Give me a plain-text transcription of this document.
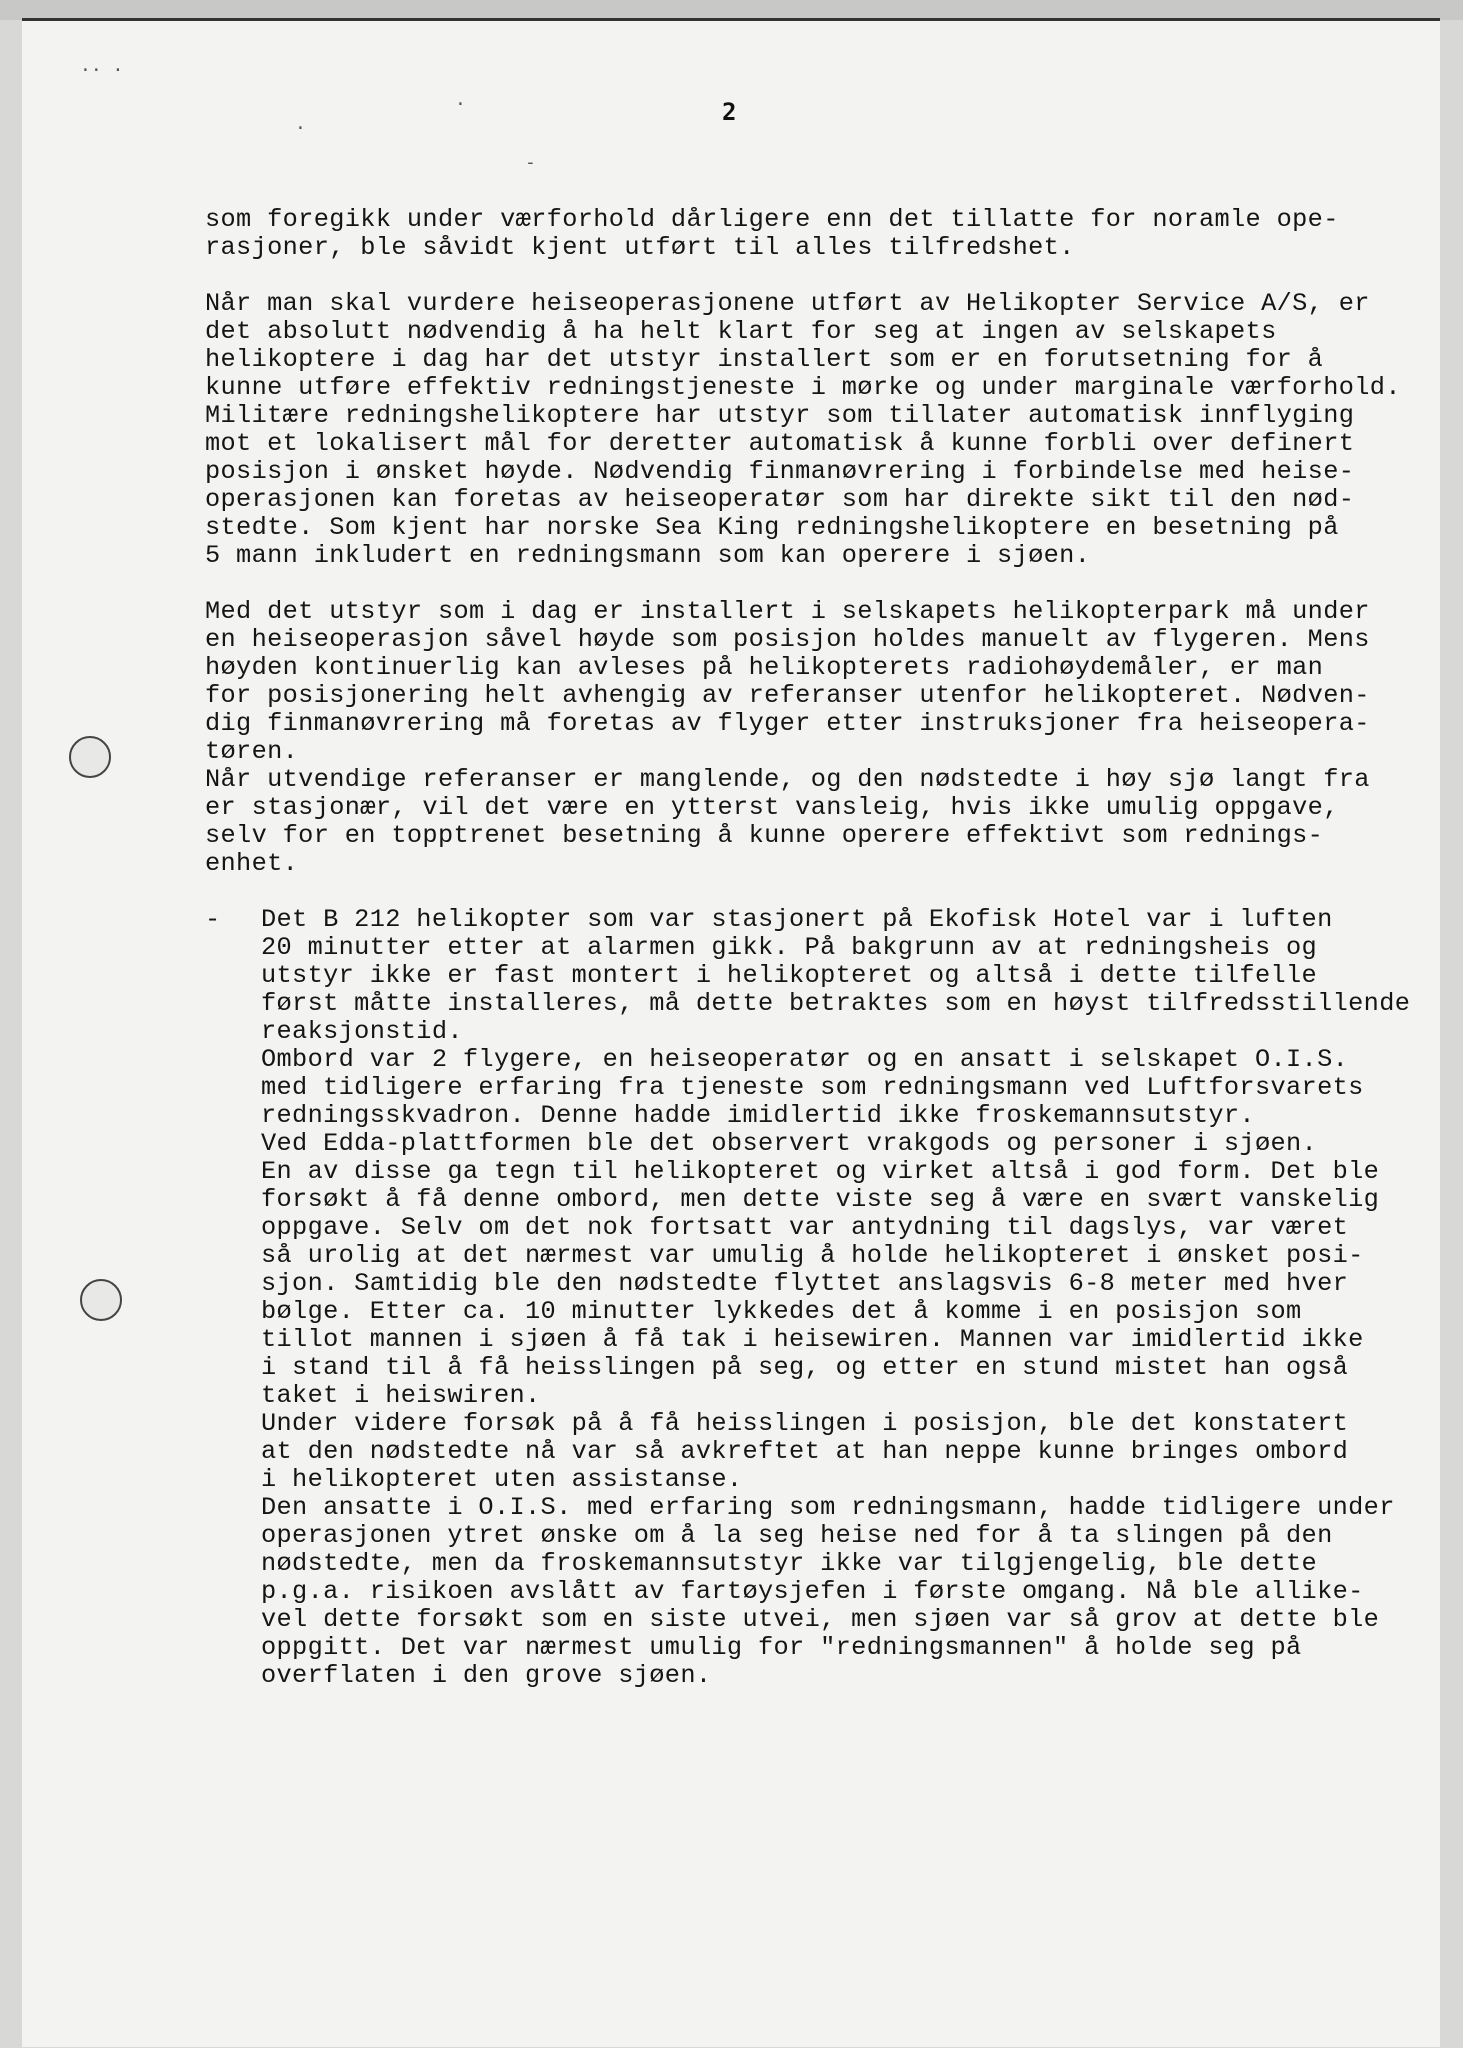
·· ·
·
·
-
2
som foregikk under værforhold dårligere enn det tillatte for noramle ope-
rasjoner, ble såvidt kjent utført til alles tilfredshet.
Når man skal vurdere heiseoperasjonene utført av Helikopter Service A/S, er
det absolutt nødvendig å ha helt klart for seg at ingen av selskapets
helikoptere i dag har det utstyr installert som er en forutsetning for å
kunne utføre effektiv redningstjeneste i mørke og under marginale værforhold.
Militære redningshelikoptere har utstyr som tillater automatisk innflyging
mot et lokalisert mål for deretter automatisk å kunne forbli over definert
posisjon i ønsket høyde. Nødvendig finmanøvrering i forbindelse med heise-
operasjonen kan foretas av heiseoperatør som har direkte sikt til den nød-
stedte. Som kjent har norske Sea King redningshelikoptere en besetning på
5 mann inkludert en redningsmann som kan operere i sjøen.
Med det utstyr som i dag er installert i selskapets helikopterpark må under
en heiseoperasjon såvel høyde som posisjon holdes manuelt av flygeren. Mens
høyden kontinuerlig kan avleses på helikopterets radiohøydemåler, er man
for posisjonering helt avhengig av referanser utenfor helikopteret. Nødven-
dig finmanøvrering må foretas av flyger etter instruksjoner fra heiseopera-
tøren.
Når utvendige referanser er manglende, og den nødstedte i høy sjø langt fra
er stasjonær, vil det være en ytterst vansleig, hvis ikke umulig oppgave,
selv for en topptrenet besetning å kunne operere effektivt som rednings-
enhet.
- Det B 212 helikopter som var stasjonert på Ekofisk Hotel var i luften
20 minutter etter at alarmen gikk. På bakgrunn av at redningsheis og
utstyr ikke er fast montert i helikopteret og altså i dette tilfelle
først måtte installeres, må dette betraktes som en høyst tilfredsstillende
reaksjonstid.
Ombord var 2 flygere, en heiseoperatør og en ansatt i selskapet O.I.S.
med tidligere erfaring fra tjeneste som redningsmann ved Luftforsvarets
redningsskvadron. Denne hadde imidlertid ikke froskemannsutstyr.
Ved Edda-plattformen ble det observert vrakgods og personer i sjøen.
En av disse ga tegn til helikopteret og virket altså i god form. Det ble
forsøkt å få denne ombord, men dette viste seg å være en svært vanskelig
oppgave. Selv om det nok fortsatt var antydning til dagslys, var været
så urolig at det nærmest var umulig å holde helikopteret i ønsket posi-
sjon. Samtidig ble den nødstedte flyttet anslagsvis 6-8 meter med hver
bølge. Etter ca. 10 minutter lykkedes det å komme i en posisjon som
tillot mannen i sjøen å få tak i heisewiren. Mannen var imidlertid ikke
i stand til å få heisslingen på seg, og etter en stund mistet han også
taket i heiswiren.
Under videre forsøk på å få heisslingen i posisjon, ble det konstatert
at den nødstedte nå var så avkreftet at han neppe kunne bringes ombord
i helikopteret uten assistanse.
Den ansatte i O.I.S. med erfaring som redningsmann, hadde tidligere under
operasjonen ytret ønske om å la seg heise ned for å ta slingen på den
nødstedte, men da froskemannsutstyr ikke var tilgjengelig, ble dette
p.g.a. risikoen avslått av fartøysjefen i første omgang. Nå ble allike-
vel dette forsøkt som en siste utvei, men sjøen var så grov at dette ble
oppgitt. Det var nærmest umulig for "redningsmannen" å holde seg på
overflaten i den grove sjøen.
